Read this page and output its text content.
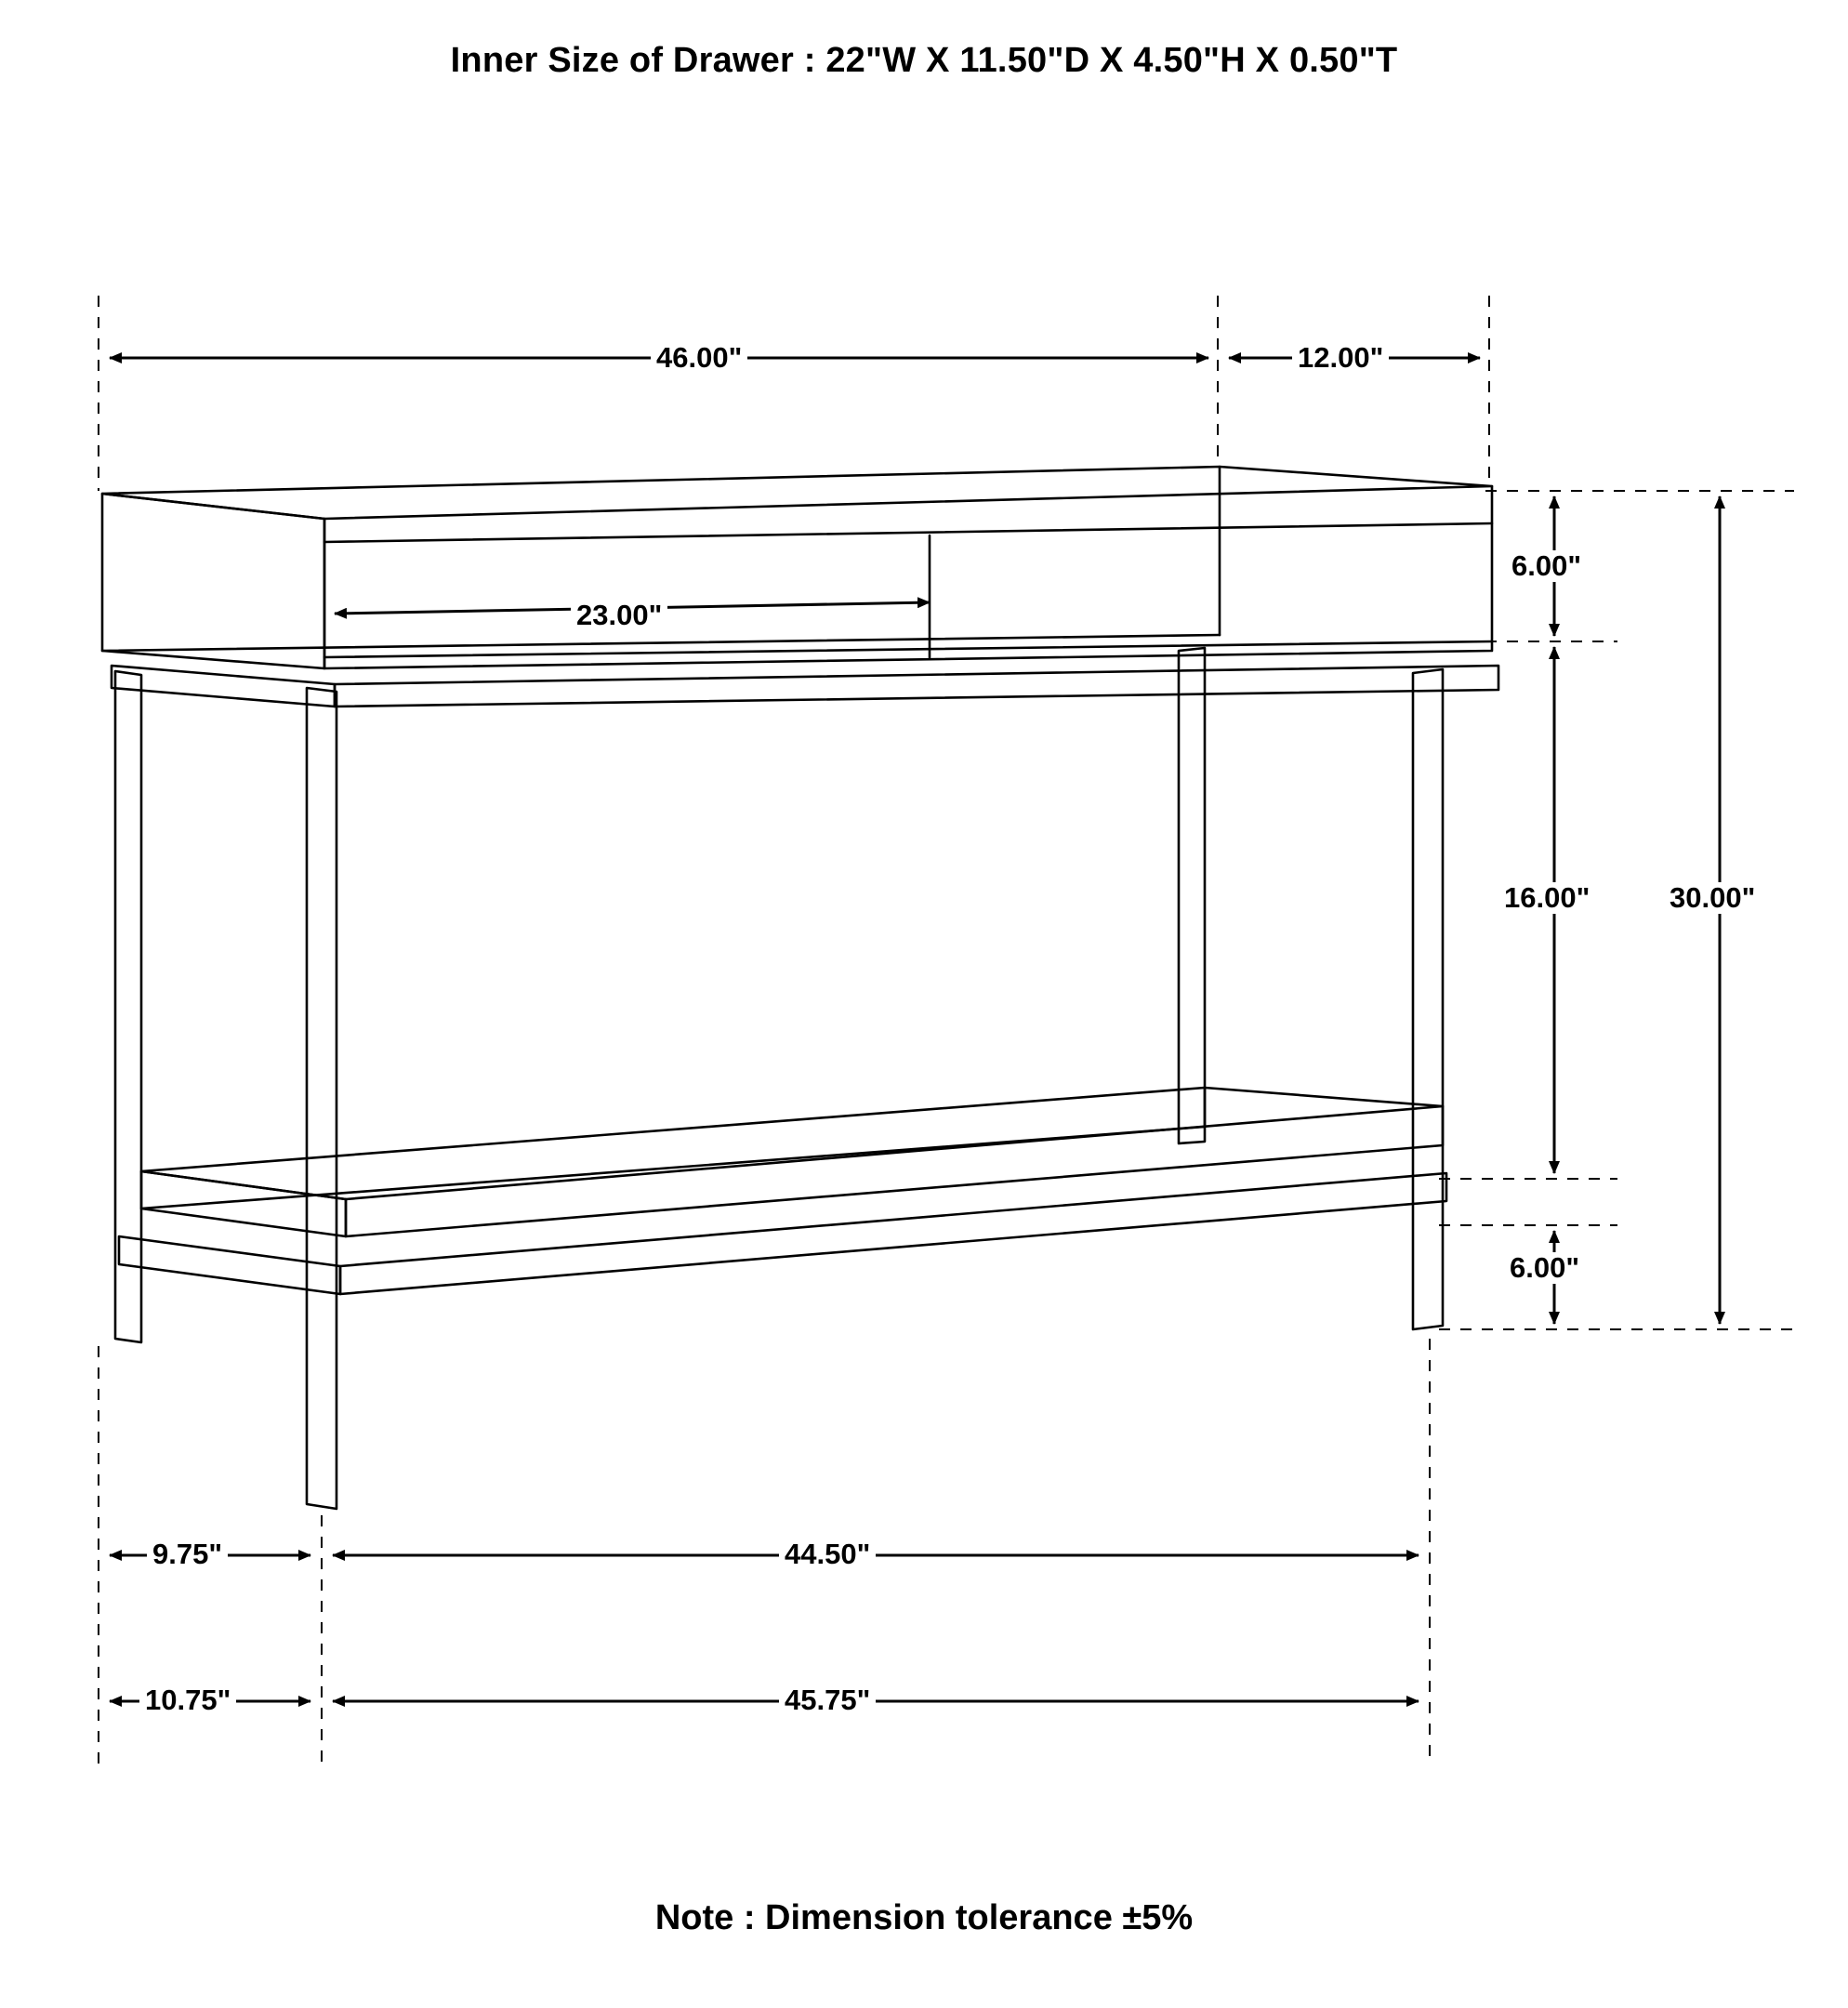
Inner Size of Drawer : 22"W X 11.50"D X 4.50"H X 0.50"T
46.00"	12.00"
23.00"
6.00"
16.00"
6.00"
30.00"
9.75"	44.50"
10.75"	45.75"
Note : Dimension tolerance ±5%
